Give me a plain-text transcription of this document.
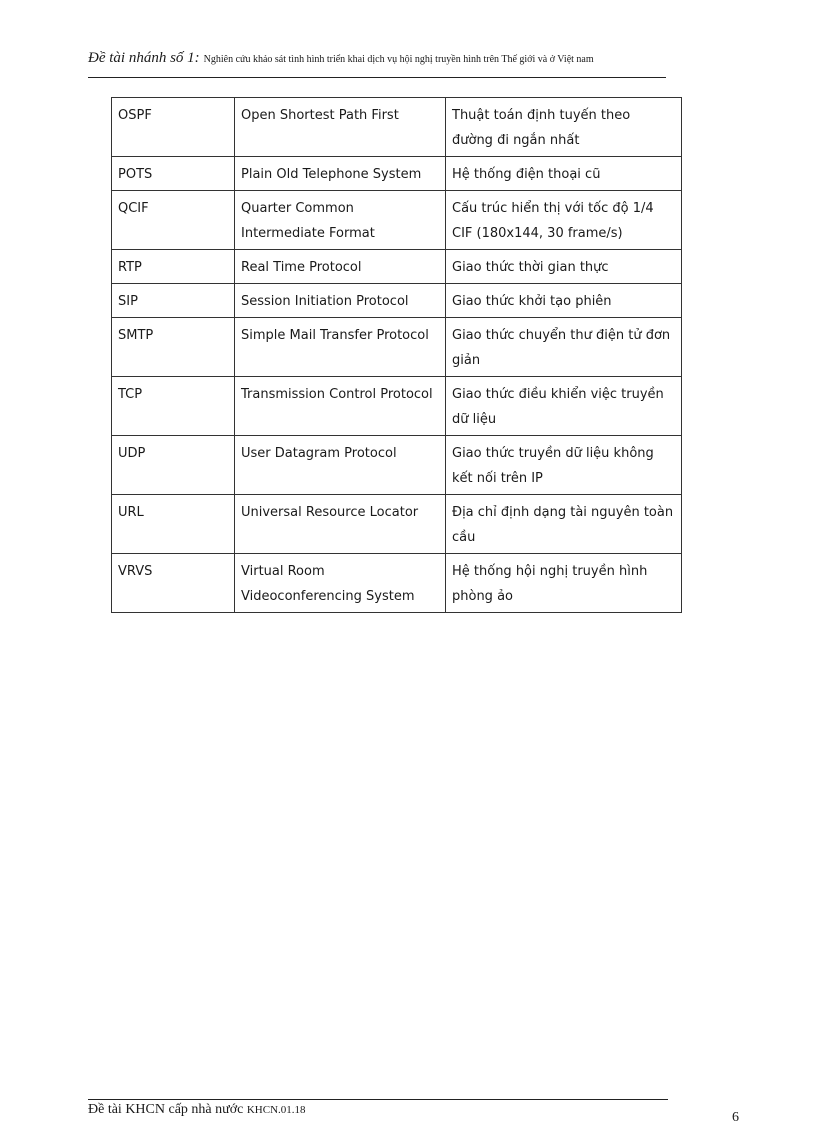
Đề tài nhánh số 1: Nghiên cứu khảo sát tình hình triển khai dịch vụ hội nghị truyền hình trên Thế giới và ở Việt nam
OSPF	Open Shortest Path First	Thuật toán định tuyến theo đường đi ngắn nhất
POTS	Plain Old Telephone System	Hệ thống điện thoại cũ
QCIF	Quarter Common Intermediate Format	Cấu trúc hiển thị với tốc độ 1/4 CIF (180x144, 30 frame/s)
RTP	Real Time Protocol	Giao thức thời gian thực
SIP	Session Initiation Protocol	Giao thức khởi tạo phiên
SMTP	Simple Mail Transfer Protocol	Giao thức chuyển thư điện tử đơn giản
TCP	Transmission Control Protocol	Giao thức điều khiển việc truyền dữ liệu
UDP	User Datagram Protocol	Giao thức truyền dữ liệu không kết nối trên IP
URL	Universal Resource Locator	Địa chỉ định dạng tài nguyên toàn cầu
VRVS	Virtual Room Videoconferencing System	Hệ thống hội nghị truyền hình phòng ảo
Đề tài KHCN cấp nhà nước KHCN.01.18	6
